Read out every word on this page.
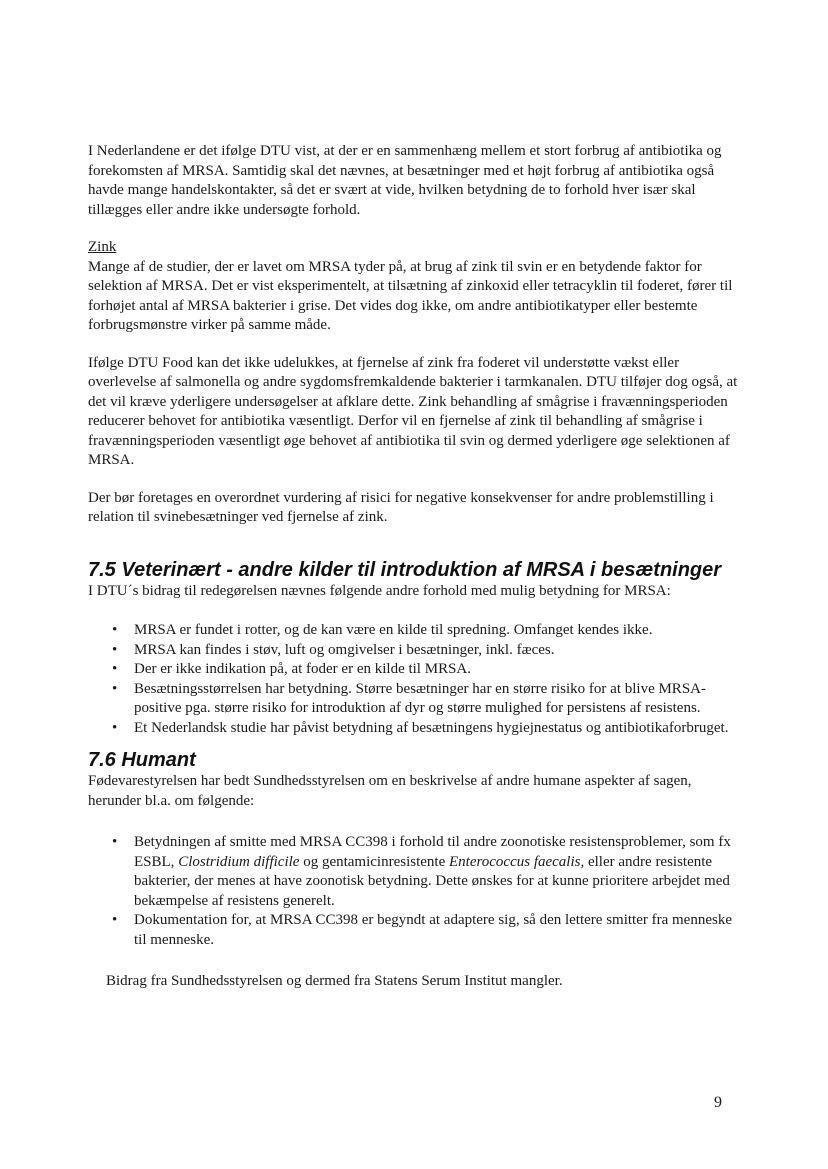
I Nederlandene er det ifølge DTU vist, at der er en sammenhæng mellem et stort forbrug af antibiotika og forekomsten af MRSA. Samtidig skal det nævnes, at besætninger med et højt forbrug af antibiotika også havde mange handelskontakter, så det er svært at vide, hvilken betydning de to forhold hver især skal tillægges eller andre ikke undersøgte forhold.

Zink

Mange af de studier, der er lavet om MRSA tyder på, at brug af zink til svin er en betydende faktor for selektion af MRSA. Det er vist eksperimentelt, at tilsætning af zinkoxid eller tetracyklin til foderet, fører til forhøjet antal af MRSA bakterier i grise. Det vides dog ikke, om andre antibiotikatyper eller bestemte forbrugsmønstre virker på samme måde.

Ifølge DTU Food kan det ikke udelukkes, at fjernelse af zink fra foderet vil understøtte vækst eller overlevelse af salmonella og andre sygdomsfremkaldende bakterier i tarmkanalen. DTU tilføjer dog også, at det vil kræve yderligere undersøgelser at afklare dette. Zink behandling af smågrise i fravænningsperioden reducerer behovet for antibiotika væsentligt. Derfor vil en fjernelse af zink til behandling af smågrise i fravænningsperioden væsentligt øge behovet af antibiotika til svin og dermed yderligere øge selektionen af MRSA.

Der bør foretages en overordnet vurdering af risici for negative konsekvenser for andre problemstilling i relation til svinebesætninger ved fjernelse af zink.

7.5 Veterinært - andre kilder til introduktion af MRSA i besætninger

I DTU´s bidrag til redegørelsen nævnes følgende andre forhold med mulig betydning for MRSA:

• MRSA er fundet i rotter, og de kan være en kilde til spredning. Omfanget kendes ikke.
• MRSA kan findes i støv, luft og omgivelser i besætninger, inkl. fæces.
• Der er ikke indikation på, at foder er en kilde til MRSA.
• Besætningsstørrelsen har betydning. Større besætninger har en større risiko for at blive MRSA-positive pga. større risiko for introduktion af dyr og større mulighed for persistens af resistens.
• Et Nederlandsk studie har påvist betydning af besætningens hygiejnestatus og antibiotikaforbruget.
7.6 Humant

Fødevarestyrelsen har bedt Sundhedsstyrelsen om en beskrivelse af andre humane aspekter af sagen, herunder bl.a. om følgende:

• Betydningen af smitte med MRSA CC398 i forhold til andre zoonotiske resistensproblemer, som fx ESBL, Clostridium difficile og gentamicinresistente Enterococcus faecalis, eller andre resistente bakterier, der menes at have zoonotisk betydning. Dette ønskes for at kunne prioritere arbejdet med bekæmpelse af resistens generelt.
• Dokumentation for, at MRSA CC398 er begyndt at adaptere sig, så den lettere smitter fra menneske til menneske.

Bidrag fra Sundhedsstyrelsen og dermed fra Statens Serum Institut mangler.

9
